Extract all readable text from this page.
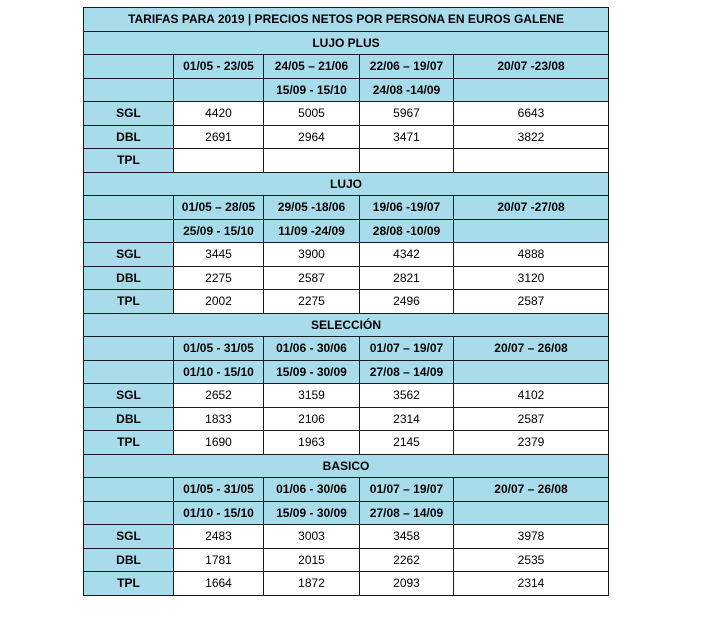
TARIFAS PARA 2019 | PRECIOS NETOS POR PERSONA EN EUROS GALENE				
LUJO PLUS				
	01/05 - 23/05	24/05 – 21/06	22/06 – 19/07	20/07 -23/08
		15/09 - 15/10	24/08 -14/09	
SGL	4420	5005	5967	6643
DBL	2691	2964	3471	3822
TPL				
LUJO				
	01/05 – 28/05	29/05 -18/06	19/06 -19/07	20/07 -27/08
	25/09 - 15/10	11/09 -24/09	28/08 -10/09	
SGL	3445	3900	4342	4888
DBL	2275	2587	2821	3120
TPL	2002	2275	2496	2587
SELECCIÓN				
	01/05 - 31/05	01/06 - 30/06	01/07 – 19/07	20/07 – 26/08
	01/10 - 15/10	15/09 - 30/09	27/08 – 14/09	
SGL	2652	3159	3562	4102
DBL	1833	2106	2314	2587
TPL	1690	1963	2145	2379
BASICO				
	01/05 - 31/05	01/06 - 30/06	01/07 – 19/07	20/07 – 26/08
	01/10 - 15/10	15/09 - 30/09	27/08 – 14/09	
SGL	2483	3003	3458	3978
DBL	1781	2015	2262	2535
TPL	1664	1872	2093	2314
